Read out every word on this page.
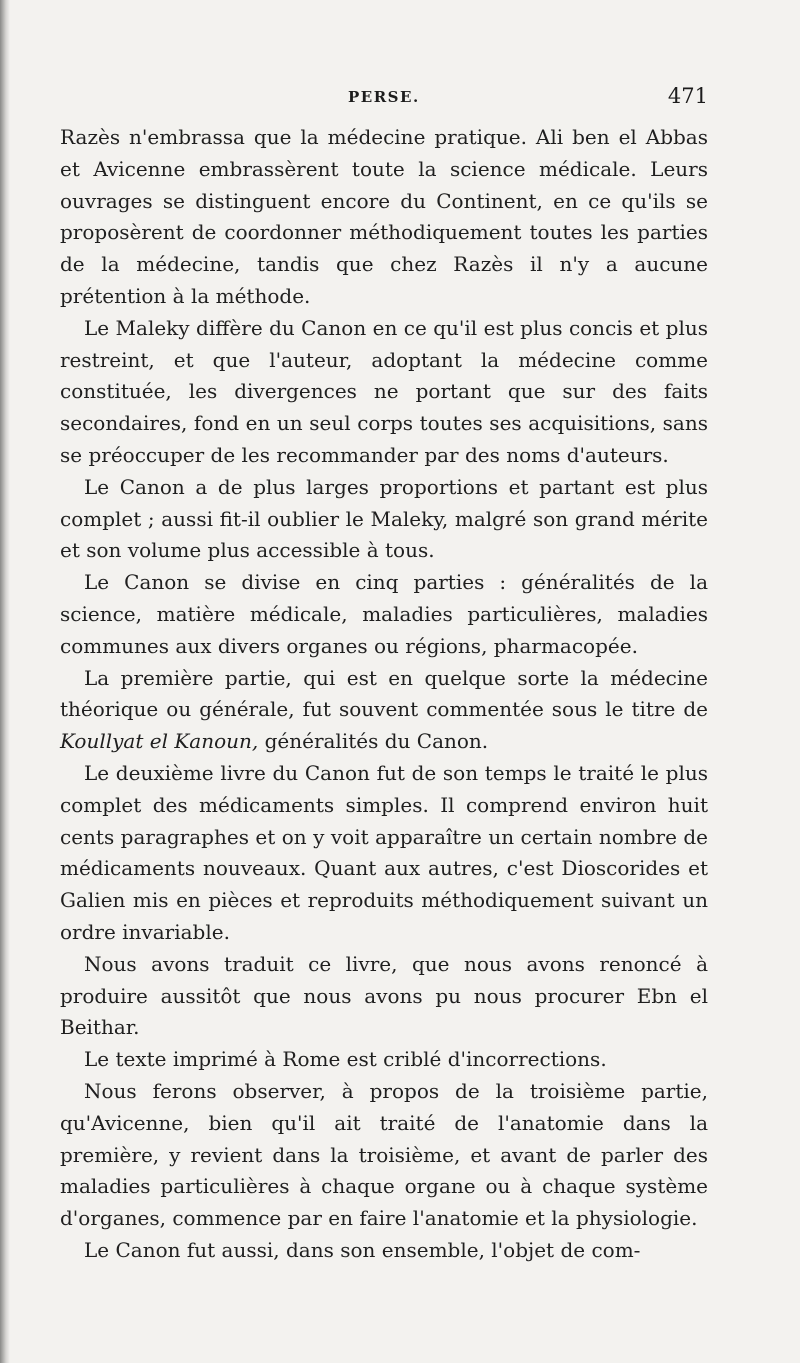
PERSE.	471

Razès n'embrassa que la médecine pratique. Ali ben el Abbas et Avicenne embrassèrent toute la science médicale. Leurs ouvrages se distinguent encore du Continent, en ce qu'ils se proposèrent de coordonner méthodiquement toutes les parties de la médecine, tandis que chez Razès il n'y a aucune prétention à la méthode.

Le Maleky diffère du Canon en ce qu'il est plus concis et plus restreint, et que l'auteur, adoptant la médecine comme constituée, les divergences ne portant que sur des faits secondaires, fond en un seul corps toutes ses acquisitions, sans se préoccuper de les recommander par des noms d'auteurs.

Le Canon a de plus larges proportions et partant est plus complet ; aussi fit-il oublier le Maleky, malgré son grand mérite et son volume plus accessible à tous.

Le Canon se divise en cinq parties : généralités de la science, matière médicale, maladies particulières, maladies communes aux divers organes ou régions, pharmacopée.

La première partie, qui est en quelque sorte la médecine théorique ou générale, fut souvent commentée sous le titre de Koullyat el Kanoun, généralités du Canon.

Le deuxième livre du Canon fut de son temps le traité le plus complet des médicaments simples. Il comprend environ huit cents paragraphes et on y voit apparaître un certain nombre de médicaments nouveaux. Quant aux autres, c'est Dioscorides et Galien mis en pièces et reproduits méthodiquement suivant un ordre invariable.

Nous avons traduit ce livre, que nous avons renoncé à produire aussitôt que nous avons pu nous procurer Ebn el Beithar.

Le texte imprimé à Rome est criblé d'incorrections.

Nous ferons observer, à propos de la troisième partie, qu'Avicenne, bien qu'il ait traité de l'anatomie dans la première, y revient dans la troisième, et avant de parler des maladies particulières à chaque organe ou à chaque système d'organes, commence par en faire l'anatomie et la physiologie.

Le Canon fut aussi, dans son ensemble, l'objet de com-
